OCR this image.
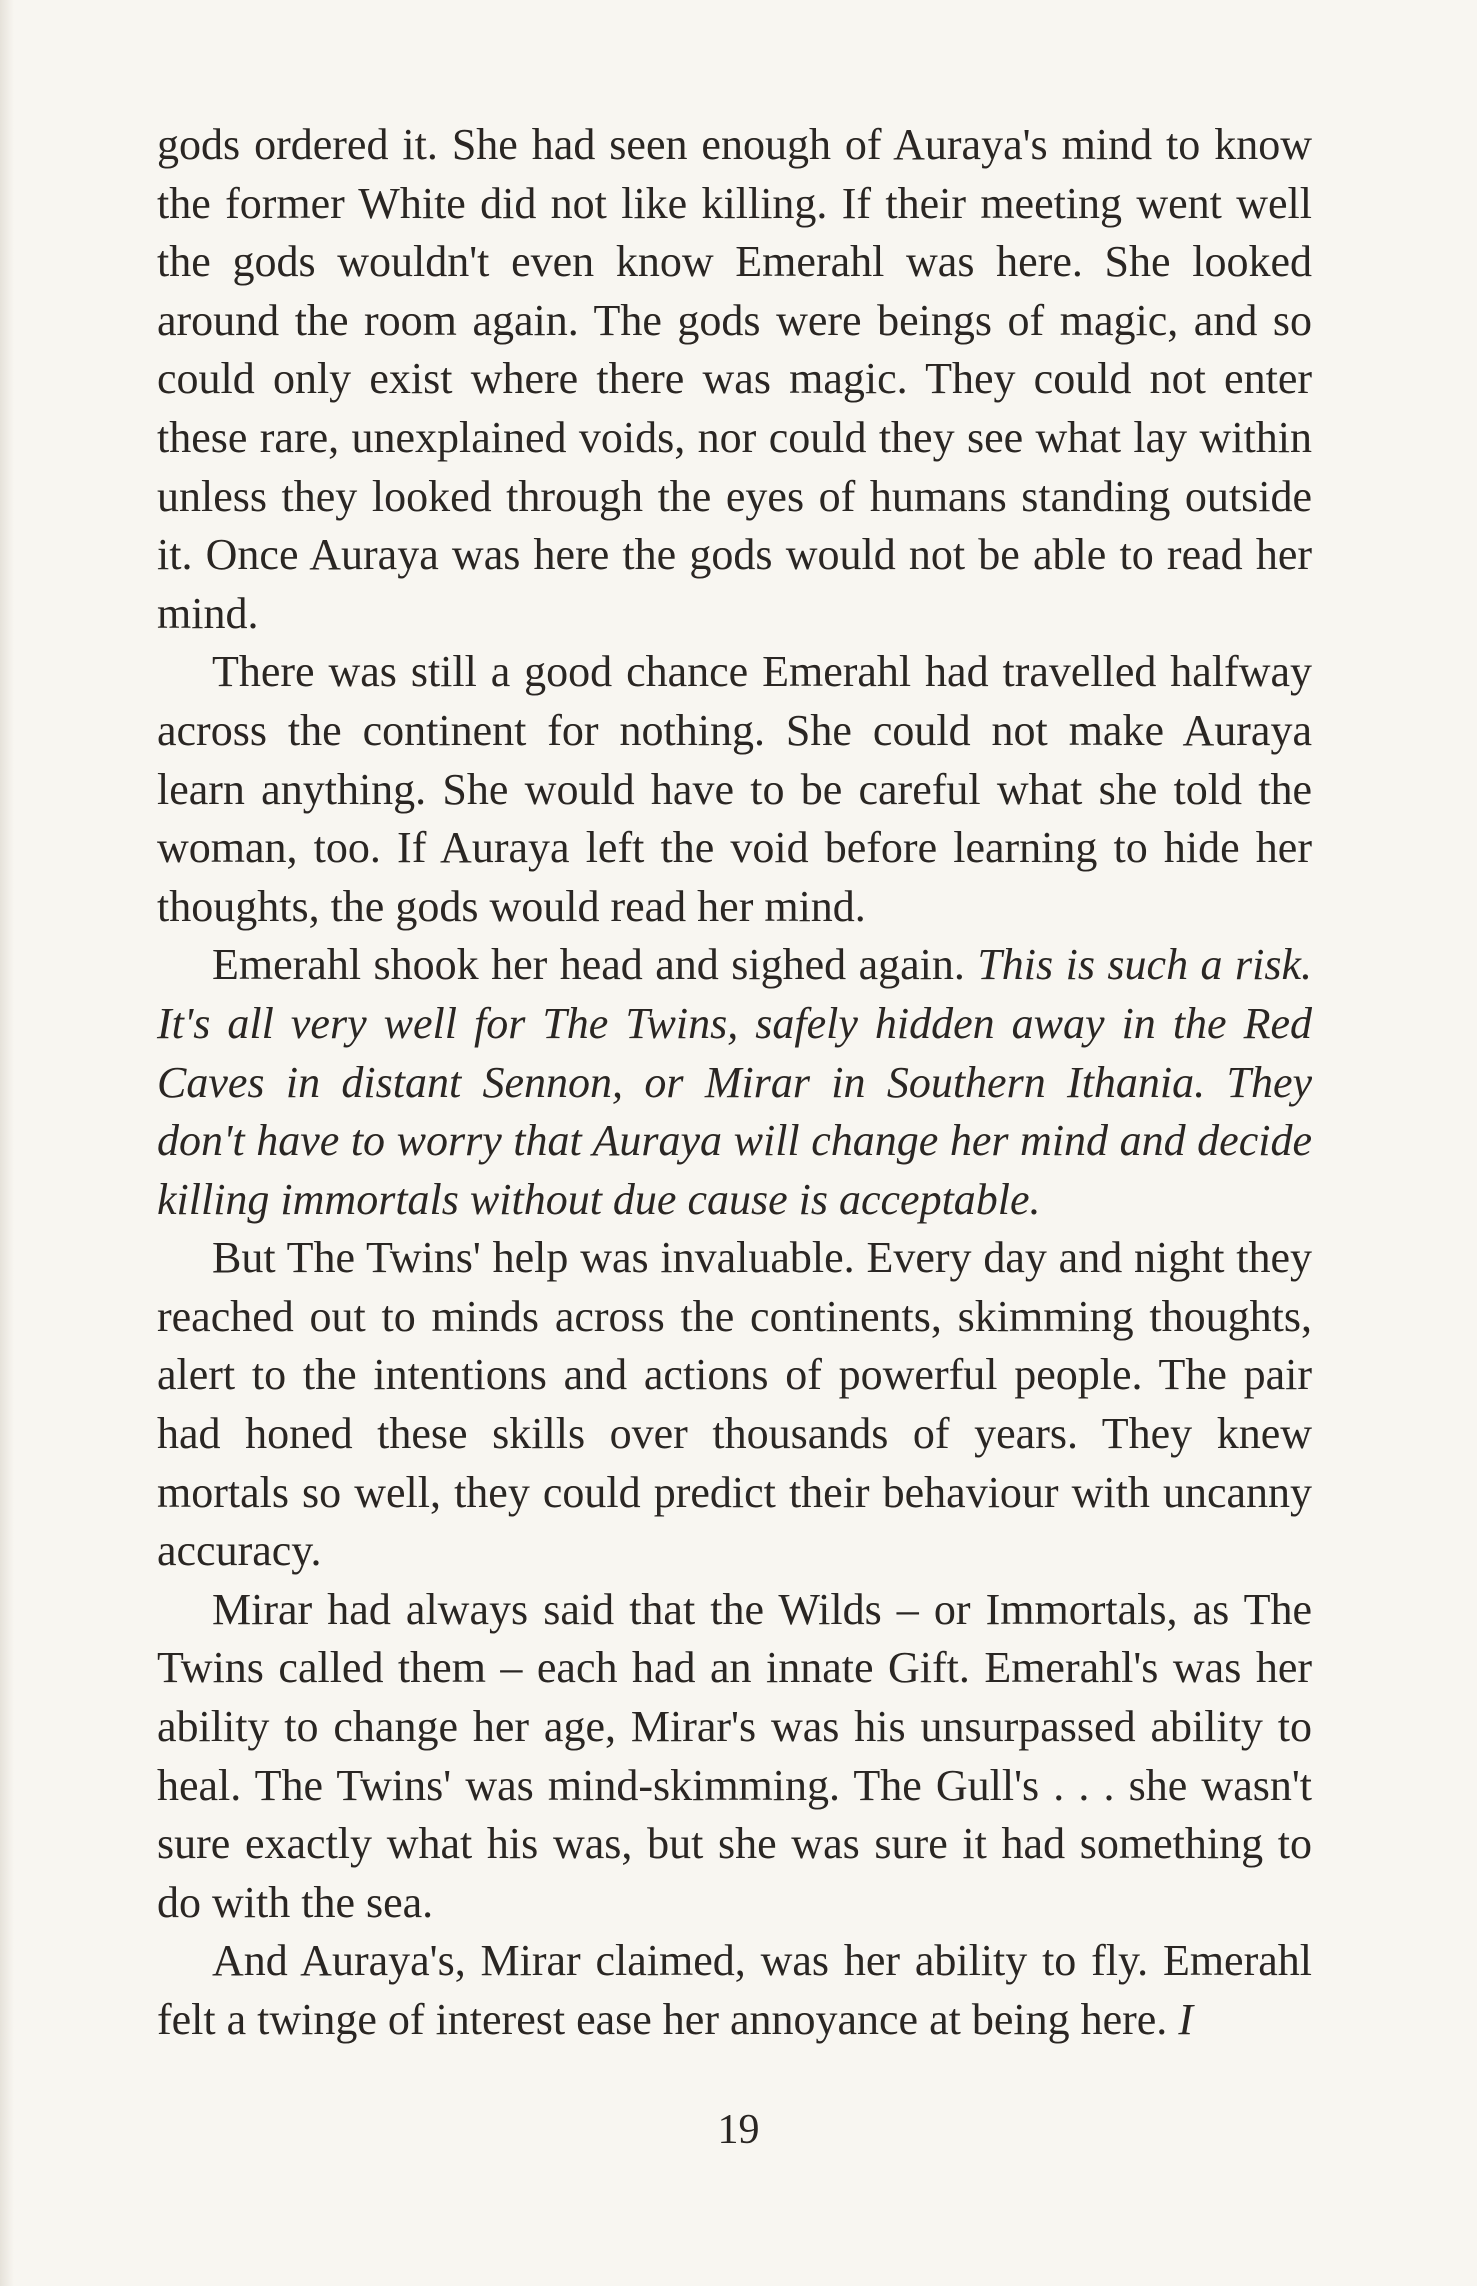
gods ordered it. She had seen enough of Auraya's mind to know the former White did not like killing. If their meeting went well the gods wouldn't even know Emerahl was here. She looked around the room again. The gods were beings of magic, and so could only exist where there was magic. They could not enter these rare, unexplained voids, nor could they see what lay within unless they looked through the eyes of humans standing outside it. Once Auraya was here the gods would not be able to read her mind.

There was still a good chance Emerahl had travelled halfway across the continent for nothing. She could not make Auraya learn anything. She would have to be careful what she told the woman, too. If Auraya left the void before learning to hide her thoughts, the gods would read her mind.

Emerahl shook her head and sighed again. This is such a risk. It's all very well for The Twins, safely hidden away in the Red Caves in distant Sennon, or Mirar in Southern Ithania. They don't have to worry that Auraya will change her mind and decide killing immortals without due cause is acceptable.

But The Twins' help was invaluable. Every day and night they reached out to minds across the continents, skimming thoughts, alert to the intentions and actions of powerful people. The pair had honed these skills over thousands of years. They knew mortals so well, they could predict their behaviour with uncanny accuracy.

Mirar had always said that the Wilds – or Immortals, as The Twins called them – each had an innate Gift. Emerahl's was her ability to change her age, Mirar's was his unsurpassed ability to heal. The Twins' was mind-skimming. The Gull's . . . she wasn't sure exactly what his was, but she was sure it had something to do with the sea.

And Auraya's, Mirar claimed, was her ability to fly. Emerahl felt a twinge of interest ease her annoyance at being here. I

19
